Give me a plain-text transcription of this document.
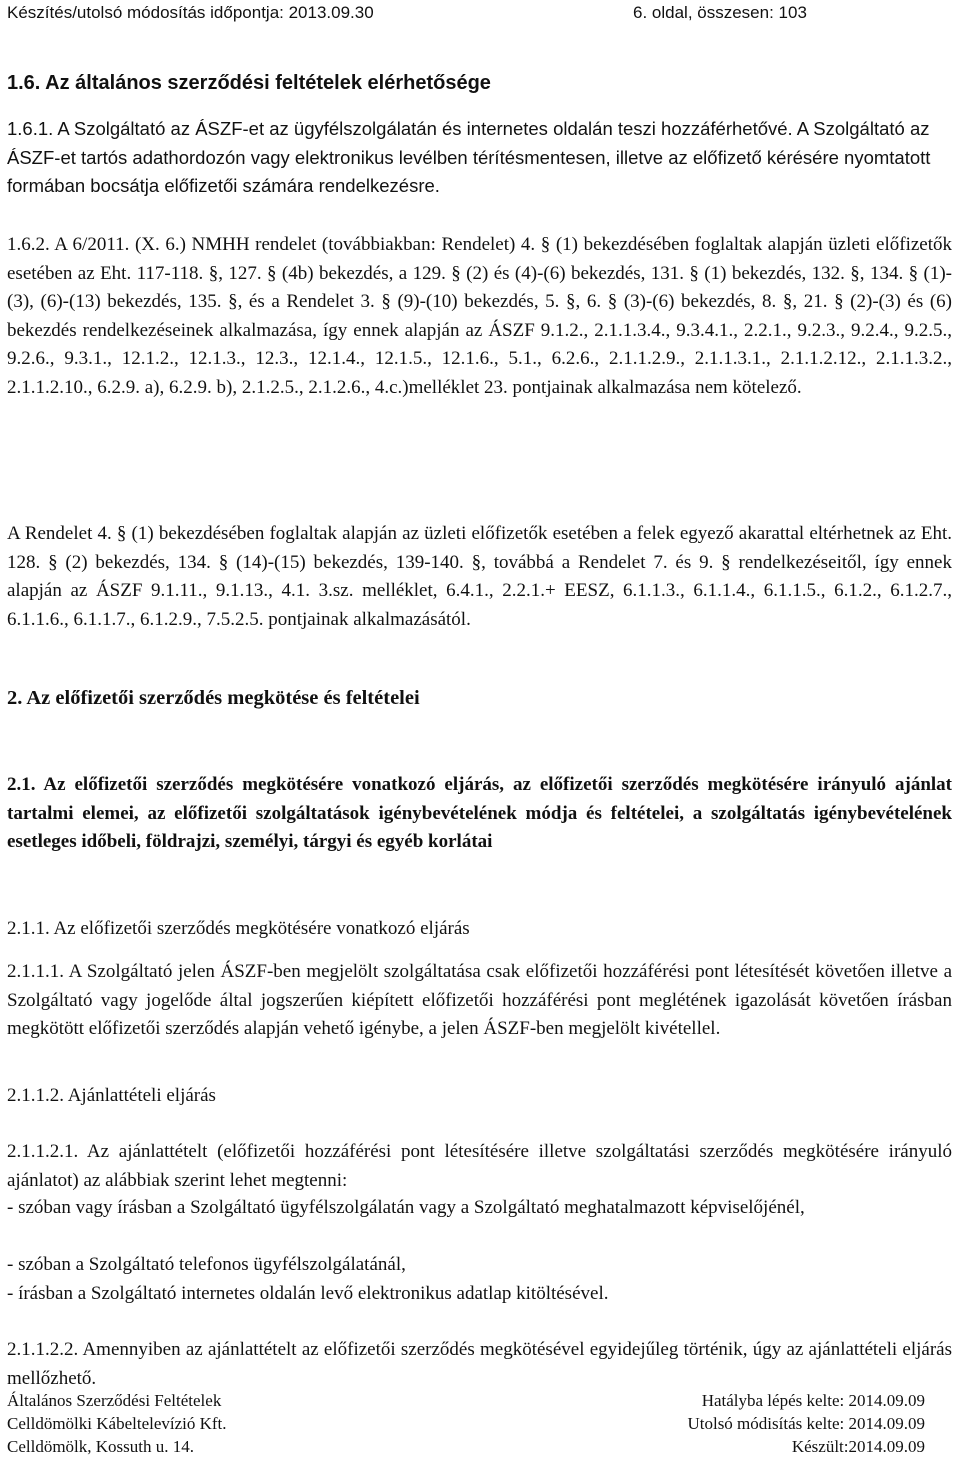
Készítés/utolsó módosítás időpontja: 2013.09.30	6. oldal, összesen: 103
1.6. Az általános szerződési feltételek elérhetősége
1.6.1. A Szolgáltató az ÁSZF-et az ügyfélszolgálatán és internetes oldalán teszi hozzáférhetővé. A Szolgáltató az ÁSZF-et tartós adathordozón vagy elektronikus levélben térítésmentesen, illetve az előfizető kérésére nyomtatott formában bocsátja előfizetői számára rendelkezésre.
1.6.2. A 6/2011. (X. 6.) NMHH rendelet (továbbiakban: Rendelet) 4. § (1) bekezdésében foglaltak alapján üzleti előfizetők esetében az Eht. 117-118. §, 127. § (4b) bekezdés, a 129. § (2) és (4)-(6) bekezdés, 131. § (1) bekezdés, 132. §, 134. § (1)-(3), (6)-(13) bekezdés, 135. §, és a Rendelet 3. § (9)-(10) bekezdés, 5. §, 6. § (3)-(6) bekezdés, 8. §, 21. § (2)-(3) és (6) bekezdés rendelkezéseinek alkalmazása, így ennek alapján az ÁSZF 9.1.2., 2.1.1.3.4., 9.3.4.1., 2.2.1., 9.2.3., 9.2.4., 9.2.5., 9.2.6., 9.3.1., 12.1.2., 12.1.3., 12.3., 12.1.4., 12.1.5., 12.1.6., 5.1., 6.2.6., 2.1.1.2.9., 2.1.1.3.1., 2.1.1.2.12., 2.1.1.3.2., 2.1.1.2.10., 6.2.9. a), 6.2.9. b), 2.1.2.5., 2.1.2.6., 4.c.)melléklet 23. pontjainak alkalmazása nem kötelező.
A Rendelet 4. § (1) bekezdésében foglaltak alapján az üzleti előfizetők esetében a felek egyező akarattal eltérhetnek az Eht. 128. § (2) bekezdés, 134. § (14)-(15) bekezdés, 139-140. §, továbbá a Rendelet 7. és 9. § rendelkezéseitől, így ennek alapján az ÁSZF 9.1.11., 9.1.13., 4.1. 3.sz. melléklet, 6.4.1., 2.2.1.+ EESZ, 6.1.1.3., 6.1.1.4., 6.1.1.5., 6.1.2., 6.1.2.7., 6.1.1.6., 6.1.1.7., 6.1.2.9., 7.5.2.5. pontjainak alkalmazásától.
2. Az előfizetői szerződés megkötése és feltételei
2.1. Az előfizetői szerződés megkötésére vonatkozó eljárás, az előfizetői szerződés megkötésére irányuló ajánlat tartalmi elemei, az előfizetői szolgáltatások igénybevételének módja és feltételei, a szolgáltatás igénybevételének esetleges időbeli, földrajzi, személyi, tárgyi és egyéb korlátai
2.1.1. Az előfizetői szerződés megkötésére vonatkozó eljárás
2.1.1.1. A Szolgáltató jelen ÁSZF-ben megjelölt szolgáltatása csak előfizetői hozzáférési pont létesítését követően illetve a Szolgáltató vagy jogelőde által jogszerűen kiépített előfizetői hozzáférési pont meglétének igazolását követően írásban megkötött előfizetői szerződés alapján vehető igénybe, a jelen ÁSZF-ben megjelölt kivétellel.
2.1.1.2. Ajánlattételi eljárás
2.1.1.2.1. Az ajánlattételt (előfizetői hozzáférési pont létesítésére illetve szolgáltatási szerződés megkötésére irányuló ajánlatot) az alábbiak szerint lehet megtenni:
- szóban vagy írásban a Szolgáltató ügyfélszolgálatán vagy a Szolgáltató meghatalmazott képviselőjénél,
- szóban a Szolgáltató telefonos ügyfélszolgálatánál,
- írásban a Szolgáltató internetes oldalán levő elektronikus adatlap kitöltésével.
2.1.1.2.2. Amennyiben az ajánlattételt az előfizetői szerződés megkötésével egyidejűleg történik, úgy az ajánlattételi eljárás mellőzhető.
Általános Szerződési Feltételek	Hatályba lépés kelte: 2014.09.09
Celldömölki Kábeltelevízió Kft.	Utolsó módisítás kelte: 2014.09.09
Celldömölk, Kossuth u. 14.	Készült:2014.09.09
